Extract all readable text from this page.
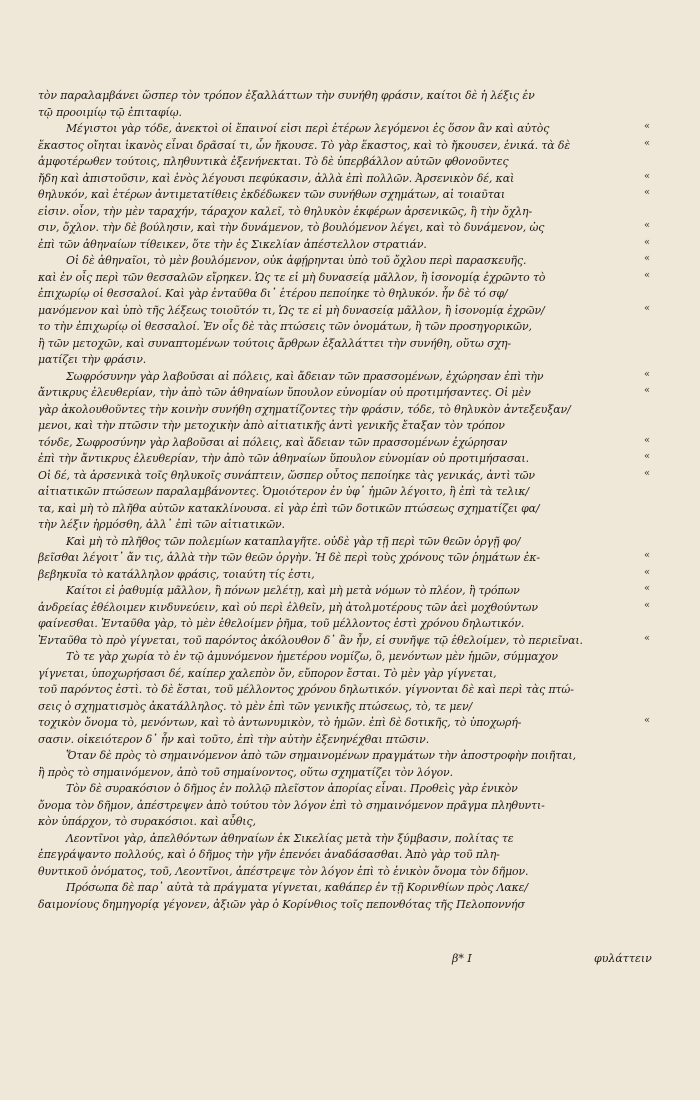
τὸν παραλαμβάνει ὥσπερ τὸν τρόπον ἐξαλλάττων τὴν συνήθη φράσιν, καίτοι δὲ ἡ λέξις ἐν
τῷ προοιμίῳ τῷ ἐπιταφίῳ.
Μέγιστοι γὰρ τόδε, ἀνεκτοὶ οἱ ἔπαινοί εἰσι περὶ ἑτέρων λεγόμενοι ἐς ὅσον ἂν καὶ αὐτὸς
ἕκαστος οἴηται ἱκανὸς εἶναι δρᾶσαί τι, ὧν ἤκουσε. Τὸ γὰρ ἕκαστος, καὶ τὸ ἤκουσεν, ἑνικά. τὰ δὲ
ἀμφοτέρωθεν τούτοις, πληθυντικὰ ἐξενήνεκται. Τὸ δὲ ὑπερβάλλον αὐτῶν φθονοῦντες
ἤδη καὶ ἀπιστοῦσιν, καὶ ἑνὸς λέγουσι πεφύκασιν, ἀλλὰ ἐπὶ πολλῶν. Ἀρσενικὸν δέ, καὶ
θηλυκόν, καὶ ἑτέρων ἀντιμετατίθεις ἐκδέδωκεν τῶν συνήθων σχημάτων, αἱ τοιαῦται
εἰσιν. οἷον, τὴν μὲν ταραχήν, τάραχον καλεῖ, τὸ θηλυκὸν ἐκφέρων ἀρσενικῶς, ἢ τὴν ὄχλη-
σιν, ὄχλον. τὴν δὲ βούλησιν, καὶ τὴν δυνάμενον, τὸ βουλόμενον λέγει, καὶ τὸ δυνάμενον, ὡς
ἐπὶ τῶν ἀθηναίων τίθεικεν, ὅτε τὴν ἐς Σικελίαν ἀπέστελλον στρατιάν.
Οἱ δὲ ἀθηναῖοι, τὸ μὲν βουλόμενον, οὐκ ἀφῄρηνται ὑπὸ τοῦ ὄχλου περὶ παρασκευῆς.
καὶ ἐν οἷς περὶ τῶν θεσσαλῶν εἴρηκεν. Ὡς τε εἰ μὴ δυνασείᾳ μᾶλλον, ἢ ἰσονομίᾳ ἐχρῶντο τὸ
ἐπιχωρίῳ οἱ θεσσαλοί. Καὶ γὰρ ἐνταῦθα δι᾽ ἑτέρου πεποίηκε τὸ θηλυκόν. ἦν δὲ τό σφ/
μανόμενον καὶ ὑπὸ τῆς λέξεως τοιοῦτόν τι, Ὡς τε εἰ μὴ δυνασείᾳ μᾶλλον, ἢ ἰσονομίᾳ ἐχρῶν/
το τὴν ἐπιχωρίῳ οἱ θεσσαλοί. Ἐν οἷς δὲ τὰς πτώσεις τῶν ὀνομάτων, ἢ τῶν προσηγορικῶν,
ἢ τῶν μετοχῶν, καὶ συναπτομένων τούτοις ἄρθρων ἐξαλλάττει τὴν συνήθη, οὕτω σχη-
ματίζει τὴν φράσιν.
Σωφρόσυνην γὰρ λαβοῦσαι αἱ πόλεις, καὶ ἄδειαν τῶν πρασσομένων, ἐχώρησαν ἐπὶ τὴν
ἄντικρυς ἐλευθερίαν, τὴν ἀπὸ τῶν ἀθηναίων ὕπουλον εὐνομίαν οὐ προτιμήσαντες. Οἱ μὲν
γὰρ ἀκολουθοῦντες τὴν κοινὴν συνήθη σχηματίζοντες τὴν φράσιν, τόδε, τὸ θηλυκὸν ἀντεξευξαν/
μενοι, καὶ τὴν πτῶσιν τὴν μετοχικὴν ἀπὸ αἰτιατικῆς ἀντὶ γενικῆς ἔταξαν τὸν τρόπον
τόνδε, Σωφροσύνην γὰρ λαβοῦσαι αἱ πόλεις, καὶ ἄδειαν τῶν πρασσομένων ἐχώρησαν
ἐπὶ τὴν ἄντικρυς ἐλευθερίαν, τὴν ἀπὸ τῶν ἀθηναίων ὕπουλον εὐνομίαν οὐ προτιμήσασαι.
Οἱ δέ, τὰ ἀρσενικὰ τοῖς θηλυκοῖς συνάπτειν, ὥσπερ οὗτος πεποίηκε τὰς γενικάς, ἀντὶ τῶν
αἰτιατικῶν πτώσεων παραλαμβάνοντες. Ὁμοιότερον ἐν ὑφ᾽ ἡμῶν λέγοιτο, ἢ ἐπὶ τὰ τελικ/
τα, καὶ μὴ τὸ πλῆθα αὐτῶν κατακλίνουσα. εἰ γὰρ ἐπὶ τῶν δοτικῶν πτώσεως σχηματίζει φα/
τὴν λέξιν ἡρμόσθη, ἀλλ᾽ ἐπὶ τῶν αἰτιατικῶν.
Καὶ μὴ τὸ πλῆθος τῶν πολεμίων καταπλαγῆτε. οὐδὲ γὰρ τῇ περὶ τῶν θεῶν ὀργῇ φο/
βεῖσθαι λέγοιτ᾽ ἄν τις, ἀλλὰ τὴν τῶν θεῶν ὀργὴν. Ἡ δὲ περὶ τοὺς χρόνους τῶν ῥημάτων ἐκ-
βεβηκυῖα τὸ κατάλληλον φράσις, τοιαύτη τίς ἐστι,
Καίτοι εἰ ῥαθυμίᾳ μᾶλλον, ἢ πόνων μελέτῃ, καὶ μὴ μετὰ νόμων τὸ πλέον, ἢ τρόπων
ἀνδρείας ἐθέλοιμεν κινδυνεύειν, καὶ οὐ περὶ ἐλθεῖν, μὴ ἀτολμοτέρους τῶν ἀεὶ μοχθούντων
φαίνεσθαι. Ἐνταῦθα γὰρ, τὸ μὲν ἐθελοίμεν ῥῆμα, τοῦ μέλλοντος ἐστὶ χρόνου δηλωτικόν.
Ἐνταῦθα τὸ πρὸ γίγνεται, τοῦ παρόντος ἀκόλουθον δ᾽ ἂν ἦν, εἰ συνῆψε τῷ ἐθελοίμεν, τὸ περιεῖναι.
Τὸ τε γὰρ χωρία τὸ ἐν τῷ ἀμυνόμενον ἡμετέρου νομίζω, ὃ, μενόντων μὲν ἡμῶν, σύμμαχον
γίγνεται, ὑποχωρήσασι δέ, καίπερ χαλεπὸν ὄν, εὔπορον ἔσται. Τὸ μὲν γὰρ γίγνεται,
τοῦ παρόντος ἐστὶ. τὸ δὲ ἔσται, τοῦ μέλλοντος χρόνου δηλωτικόν. γίγνονται δὲ καὶ περὶ τὰς πτώ-
σεις ὁ σχηματισμὸς ἀκατάλληλος. τὸ μὲν ἐπὶ τῶν γενικῆς πτώσεως, τὸ, τε μεν/
τοχικὸν ὄνομα τὸ, μενόντων, καὶ τὸ ἀντωνυμικὸν, τὸ ἡμῶν. ἐπὶ δὲ δοτικῆς, τὸ ὑποχωρή-
σασιν. οἰκειότερον δ᾽ ἦν καὶ τοῦτο, ἐπὶ τὴν αὐτὴν ἐξενηνέχθαι πτῶσιν.
Ὅταν δὲ πρὸς τὸ σημαινόμενον ἀπὸ τῶν σημαινομένων πραγμάτων τὴν ἀποστροφὴν ποιῆται,
ἢ πρὸς τὸ σημαινόμενον, ἀπὸ τοῦ σημαίνοντος, οὕτω σχηματίζει τὸν λόγον.
Τὸν δὲ συρακόσιον ὁ δῆμος ἐν πολλῷ πλεῖστον ἀπορίας εἶναι. Προθεὶς γὰρ ἑνικὸν
ὄνομα τὸν δῆμον, ἀπέστρεψεν ἀπὸ τούτου τὸν λόγον ἐπὶ τὸ σημαινόμενον πρᾶγμα πληθυντι-
κὸν ὑπάρχον, τὸ συρακόσιοι. καὶ αὖθις,
Λεοντῖνοι γὰρ, ἀπελθόντων ἀθηναίων ἐκ Σικελίας μετὰ τὴν ξύμβασιν, πολίτας τε
ἐπεγράψαντο πολλούς, καὶ ὁ δῆμος τὴν γῆν ἐπενόει ἀναδάσασθαι. Ἀπὸ γὰρ τοῦ πλη-
θυντικοῦ ὀνόματος, τοῦ, Λεοντῖνοι, ἀπέστρεψε τὸν λόγον ἐπὶ τὸ ἑνικὸν ὄνομα τὸν δῆμον.
Πρόσωπα δὲ παρ᾽ αὐτὰ τὰ πράγματα γίγνεται, καθάπερ ἐν τῇ Κορινθίων πρὸς Λακε/
δαιμονίους δημηγορίᾳ γέγονεν, ἀξιῶν γὰρ ὁ Κορίνθιος τοῖς πεπονθότας τῆς Πελοποννήσ
«
«
«
«
«
«
«
«
«
«
«
«
«
«
«
«
«
«
«
«
β* I	φυλάττειν
